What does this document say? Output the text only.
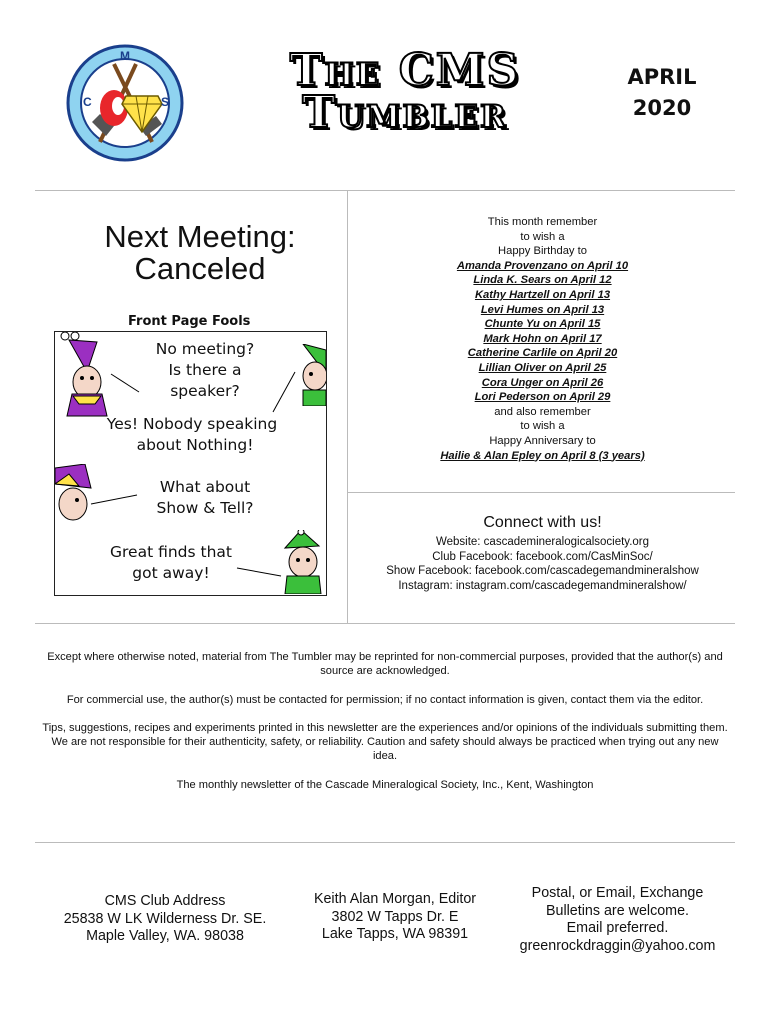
C
M
S
The CMS
Tumbler
APRIL
2020
Next Meeting:
Canceled
Front Page Fools
No meeting?
Is there a
speaker?
Yes! Nobody speaking
about Nothing!
What about
Show & Tell?
Great finds that
got away!
This month remember
to wish a
Happy Birthday to
Amanda Provenzano on April 10
Linda K. Sears on April 12
Kathy Hartzell on April 13
Levi Humes on April 13
Chunte Yu on April 15
Mark Hohn on April 17
Catherine Carlile on April 20
Lillian Oliver on April 25
Cora Unger on April 26
Lori Pederson on April 29
and also remember
to wish a
Happy Anniversary to
Hailie & Alan Epley on April 8 (3 years)
Connect with us!
Website: cascademineralogicalsociety.org
Club Facebook: facebook.com/CasMinSoc/
Show Facebook: facebook.com/cascadegemandmineralshow
Instagram: instagram.com/cascadegemandmineralshow/

Except where otherwise noted, material from The Tumbler may be reprinted for non-commercial purposes, provided that the author(s) and source are acknowledged.

For commercial use, the author(s) must be contacted for permission; if no contact information is given, contact them via the editor.

Tips, suggestions, recipes and experiments printed in this newsletter are the experiences and/or opinions of the individuals submitting them. We are not responsible for their authenticity, safety, or reliability. Caution and safety should always be practiced when trying out any new idea.

The monthly newsletter of the Cascade Mineralogical Society, Inc., Kent, Washington

CMS Club Address
25838 W LK Wilderness Dr. SE.
Maple Valley, WA. 98038
Keith Alan Morgan, Editor
3802 W Tapps Dr. E
Lake Tapps, WA 98391
Postal, or Email, Exchange
Bulletins are welcome.
Email preferred.
greenrockdraggin@yahoo.com
